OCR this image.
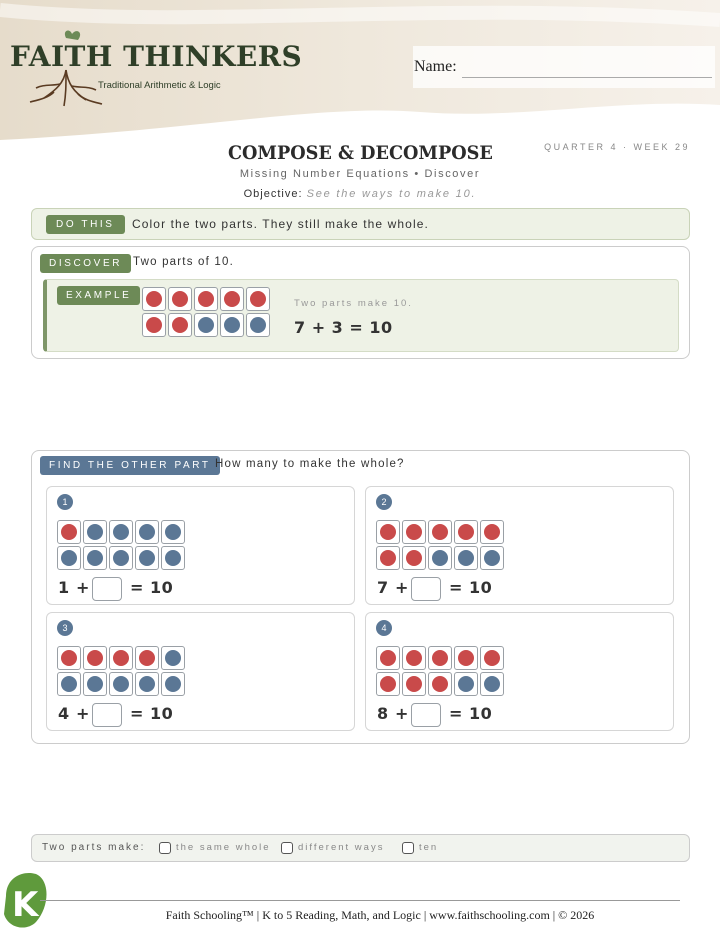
FAITH THINKERS
Traditional Arithmetic & Logic
Name:
QUARTER 4 · WEEK 29
COMPOSE & DECOMPOSE
Missing Number Equations • Discover
Objective: See the ways to make 10.
DO THIS	Color the two parts. They still make the whole.
DISCOVER Two parts of 10.
EXAMPLE
Two parts make 10.
7 + 3 = 10
FIND THE OTHER PART How many to make the whole?
1
1 +	= 10
2
7 +	= 10
3
4 +	= 10
4
8 +	= 10
Two parts make:	the same whole	different ways	ten
K	Faith Schooling™ | K to 5 Reading, Math, and Logic | www.faithschooling.com | © 2026
